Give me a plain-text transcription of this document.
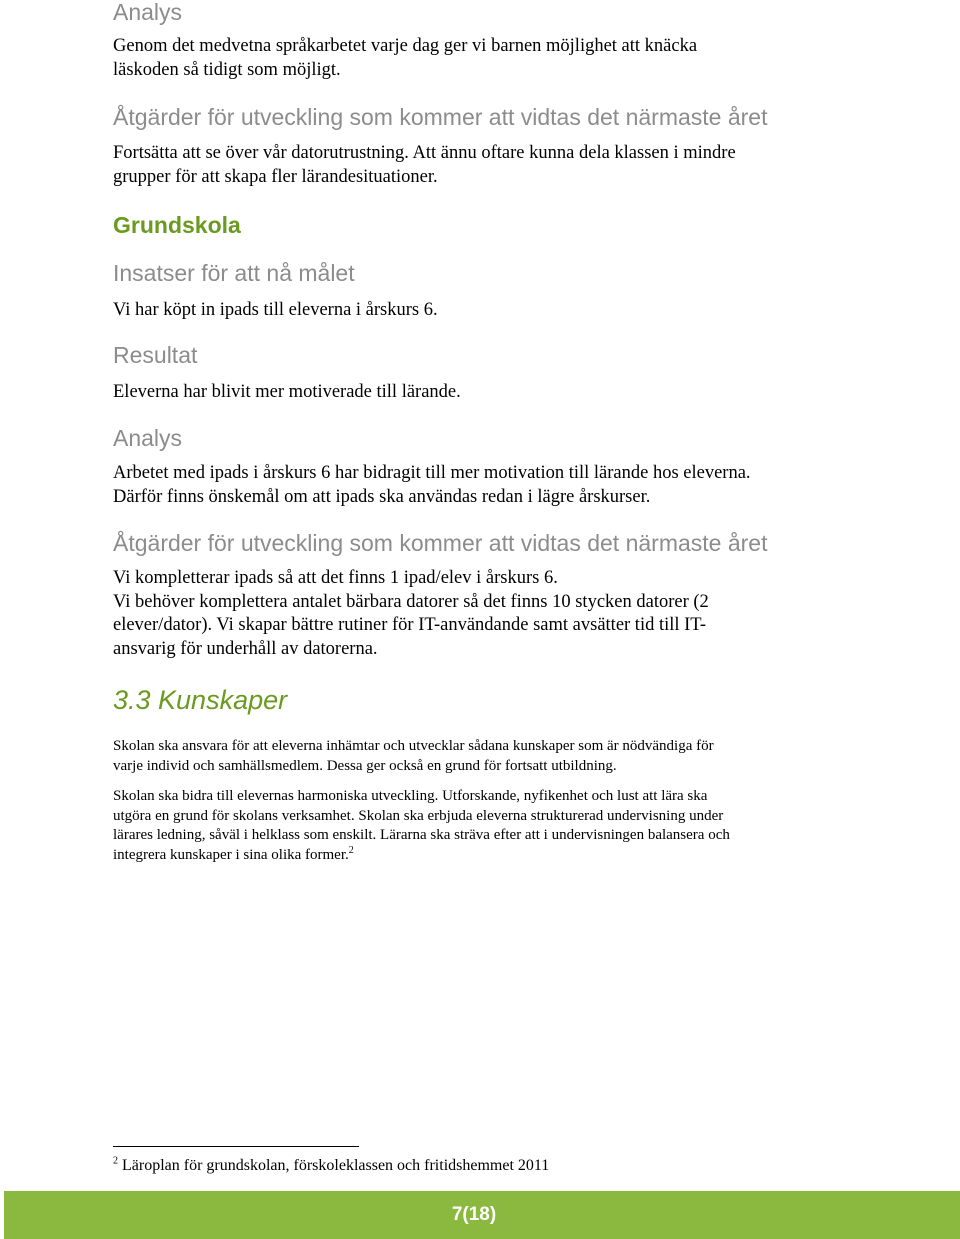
Analys

Genom det medvetna språkarbetet varje dag ger vi barnen möjlighet att knäcka
läskoden så tidigt som möjligt.

Åtgärder för utveckling som kommer att vidtas det närmaste året

Fortsätta att se över vår datorutrustning. Att ännu oftare kunna dela klassen i mindre
grupper för att skapa fler lärandesituationer.

Grundskola
Insatser för att nå målet

Vi har köpt in ipads till eleverna i årskurs 6.

Resultat

Eleverna har blivit mer motiverade till lärande.

Analys

Arbetet med ipads i årskurs 6 har bidragit till mer motivation till lärande hos eleverna.
Därför finns önskemål om att ipads ska användas redan i lägre årskurser.

Åtgärder för utveckling som kommer att vidtas det närmaste året

Vi kompletterar ipads så att det finns 1 ipad/elev i årskurs 6.
Vi behöver komplettera antalet bärbara datorer så det finns 10 stycken datorer (2
elever/dator). Vi skapar bättre rutiner för IT-användande samt avsätter tid till IT-
ansvarig för underhåll av datorerna.

3.3 Kunskaper

Skolan ska ansvara för att eleverna inhämtar och utvecklar sådana kunskaper som är nödvändiga för
varje individ och samhällsmedlem. Dessa ger också en grund för fortsatt utbildning.

Skolan ska bidra till elevernas harmoniska utveckling. Utforskande, nyfikenhet och lust att lära ska
utgöra en grund för skolans verksamhet. Skolan ska erbjuda eleverna strukturerad undervisning under
lärares ledning, såväl i helklass som enskilt. Lärarna ska sträva efter att i undervisningen balansera och
integrera kunskaper i sina olika former.$^2$

$^2$ Läroplan för grundskolan, förskoleklassen och fritidshemmet 2011
7(18)
